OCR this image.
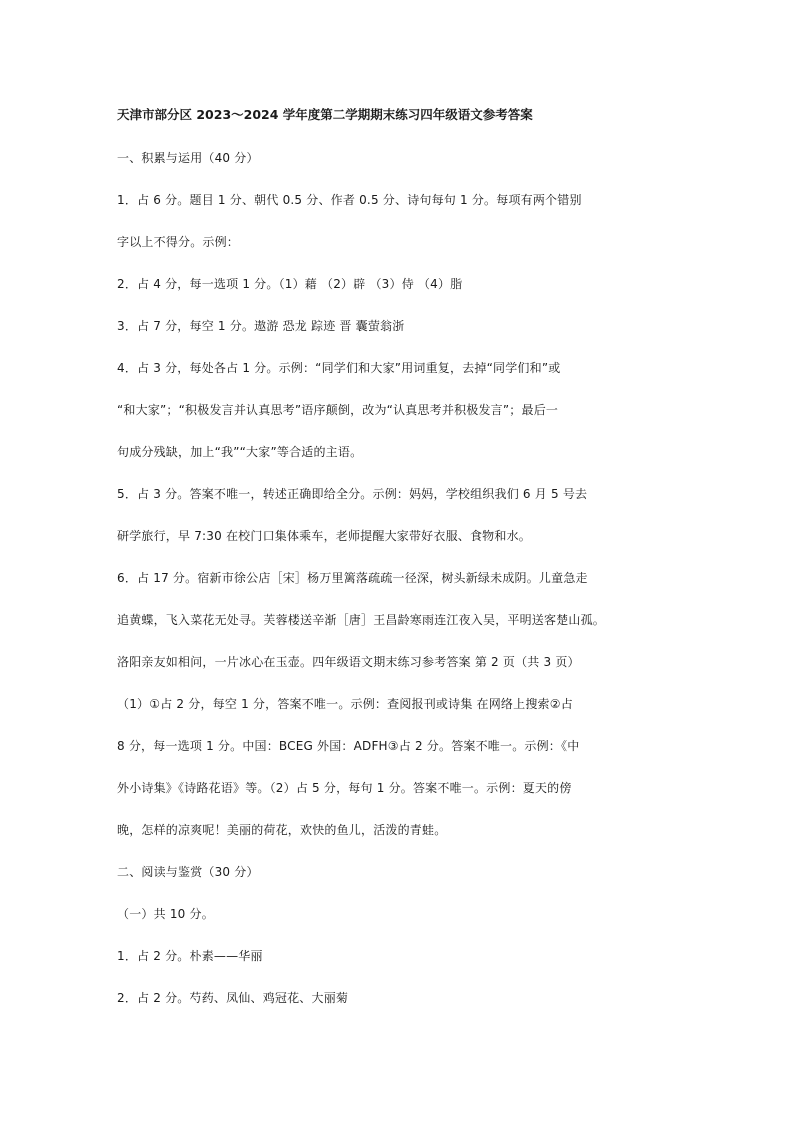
天津市部分区 2023～2024 学年度第二学期期末练习四年级语文参考答案

一、积累与运用（40 分）

1．占 6 分。题目 1 分、朝代 0.5 分、作者 0.5 分、诗句每句 1 分。每项有两个错别

字以上不得分。示例：

2．占 4 分，每一选项 1 分。（1）藉 （2）辟 （3）侍 （4）脂

3．占 7 分，每空 1 分。遨游 恐龙 踪迹 晋 囊萤翁浙

4．占 3 分，每处各占 1 分。示例：“同学们和大家”用词重复，去掉“同学们和”或

“和大家”；“积极发言并认真思考”语序颠倒，改为“认真思考并积极发言”；最后一

句成分残缺，加上“我”“大家”等合适的主语。

5．占 3 分。答案不唯一，转述正确即给全分。示例：妈妈，学校组织我们 6 月 5 号去

研学旅行，早 7:30 在校门口集体乘车，老师提醒大家带好衣服、食物和水。

6．占 17 分。宿新市徐公店［宋］杨万里篱落疏疏一径深，树头新绿未成阴。儿童急走

追黄蝶，飞入菜花无处寻。芙蓉楼送辛渐［唐］王昌龄寒雨连江夜入吴，平明送客楚山孤。

洛阳亲友如相问，一片冰心在玉壶。四年级语文期末练习参考答案 第 2 页（共 3 页）

（1）①占 2 分，每空 1 分，答案不唯一。示例：查阅报刊或诗集 在网络上搜索②占

8 分，每一选项 1 分。中国：BCEG 外国：ADFH③占 2 分。答案不唯一。示例：《中

外小诗集》《诗路花语》等。（2）占 5 分，每句 1 分。答案不唯一。示例：夏天的傍

晚，怎样的凉爽呢！美丽的荷花，欢快的鱼儿，活泼的青蛙。

二、阅读与鉴赏（30 分）

（一）共 10 分。

1．占 2 分。朴素——华丽

2．占 2 分。芍药、凤仙、鸡冠花、大丽菊
